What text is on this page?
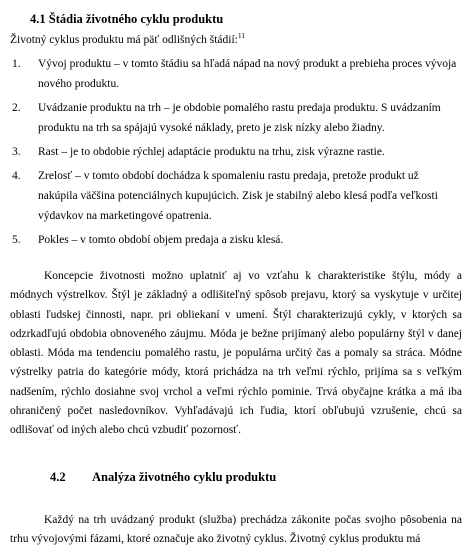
4.1 Štádia životného cyklu produktu
Životný cyklus produktu má päť odlišných štádií:$^{11}$
1. Vývoj produktu – v tomto štádiu sa hľadá nápad na nový produkt a prebieha proces vývoja nového produktu.
2. Uvádzanie produktu na trh – je obdobie pomalého rastu predaja produktu. S uvádzaním produktu na trh sa spájajú vysoké náklady, preto je zisk nízky alebo žiadny.
3. Rast – je to obdobie rýchlej adaptácie produktu na trhu, zisk výrazne rastie.
4. Zrelosť – v tomto období dochádza k spomaleniu rastu predaja, pretože produkt už nakúpila väčšina potenciálnych kupujúcich. Zisk je stabilný alebo klesá podľa veľkosti výdavkov na marketingové opatrenia.
5. Pokles – v tomto období objem predaja a zisku klesá.

Koncepcie životnosti možno uplatniť aj vo vzťahu k charakteristike štýlu, módy a módnych výstrelkov. Štýl je základný a odlišiteľný spôsob prejavu, ktorý sa vyskytuje v určitej oblasti ľudskej činnosti, napr. pri obliekaní v umení. Štýl charakterizujú cykly, v ktorých sa odzrkadľujú obdobia obnoveného záujmu. Móda je bežne prijímaný alebo populárny štýl v danej oblasti. Móda ma tendenciu pomalého rastu, je populárna určitý čas a pomaly sa stráca. Módne výstrelky patria do kategórie módy, ktorá prichádza na trh veľmi rýchlo, prijíma sa s veľkým nadšením, rýchlo dosiahne svoj vrchol a veľmi rýchlo pominie. Trvá obyčajne krátka a má iba ohraničený počet nasledovníkov. Vyhľadávajú ich ľudia, ktorí obľubujú vzrušenie, chcú sa odlišovať od iných alebo chcú vzbudiť pozornosť.

4.2 Analýza životného cyklu produktu

Každý na trh uvádzaný produkt (služba) prechádza zákonite počas svojho pôsobenia na trhu vývojovými fázami, ktoré označuje ako životný cyklus. Životný cyklus produktu má
